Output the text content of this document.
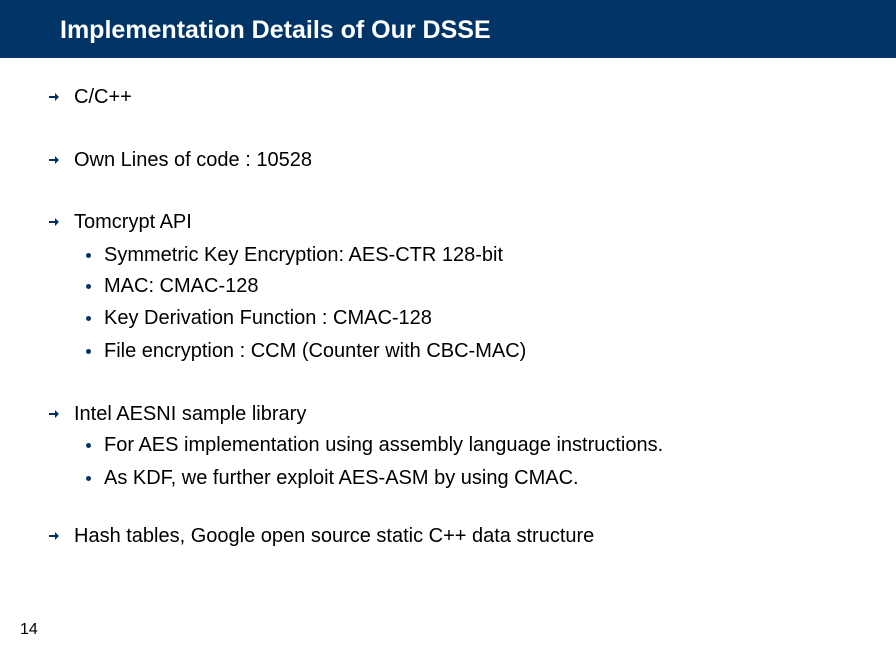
Implementation Details of Our DSSE
C/C++
Own Lines of code : 10528
Tomcrypt API
Symmetric Key Encryption: AES-CTR 128-bit
MAC: CMAC-128
Key Derivation Function : CMAC-128
File encryption : CCM (Counter with CBC-MAC)
Intel AESNI sample library
For AES implementation using assembly language instructions.
As KDF, we further exploit AES-ASM by using CMAC.
Hash tables, Google open source static C++ data structure
14
